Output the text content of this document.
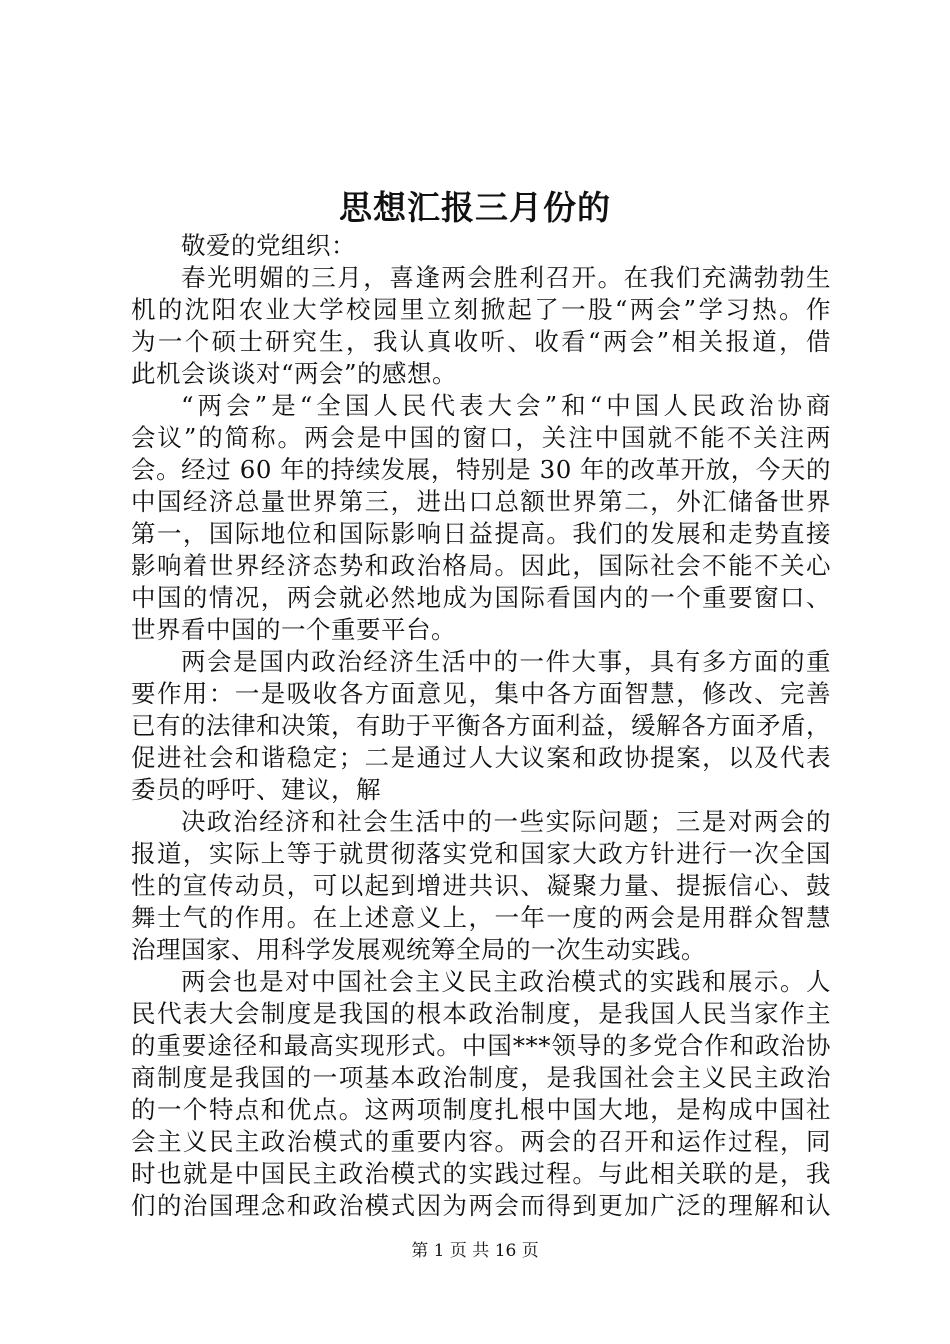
思想汇报三月份的
敬爱的党组织：
春光明媚的三月，喜逢两会胜利召开。在我们充满勃勃生
机的沈阳农业大学校园里立刻掀起了一股“两会”学习热。作
为一个硕士研究生，我认真收听、收看“两会”相关报道，借
此机会谈谈对“两会”的感想。
“两会”是“全国人民代表大会”和“中国人民政治协商
会议”的简称。两会是中国的窗口，关注中国就不能不关注两
会。经过 60 年的持续发展，特别是 30 年的改革开放，今天的
中国经济总量世界第三，进出口总额世界第二，外汇储备世界
第一，国际地位和国际影响日益提高。我们的发展和走势直接
影响着世界经济态势和政治格局。因此，国际社会不能不关心
中国的情况，两会就必然地成为国际看国内的一个重要窗口、
世界看中国的一个重要平台。
两会是国内政治经济生活中的一件大事，具有多方面的重
要作用：一是吸收各方面意见，集中各方面智慧，修改、完善
已有的法律和决策，有助于平衡各方面利益，缓解各方面矛盾，
促进社会和谐稳定；二是通过人大议案和政协提案，以及代表
委员的呼吁、建议，解
决政治经济和社会生活中的一些实际问题；三是对两会的
报道，实际上等于就贯彻落实党和国家大政方针进行一次全国
性的宣传动员，可以起到增进共识、凝聚力量、提振信心、鼓
舞士气的作用。在上述意义上，一年一度的两会是用群众智慧
治理国家、用科学发展观统筹全局的一次生动实践。
两会也是对中国社会主义民主政治模式的实践和展示。人
民代表大会制度是我国的根本政治制度，是我国人民当家作主
的重要途径和最高实现形式。中国***领导的多党合作和政治协
商制度是我国的一项基本政治制度，是我国社会主义民主政治
的一个特点和优点。这两项制度扎根中国大地，是构成中国社
会主义民主政治模式的重要内容。两会的召开和运作过程，同
时也就是中国民主政治模式的实践过程。与此相关联的是，我
们的治国理念和政治模式因为两会而得到更加广泛的理解和认
第 1 页 共 16 页
